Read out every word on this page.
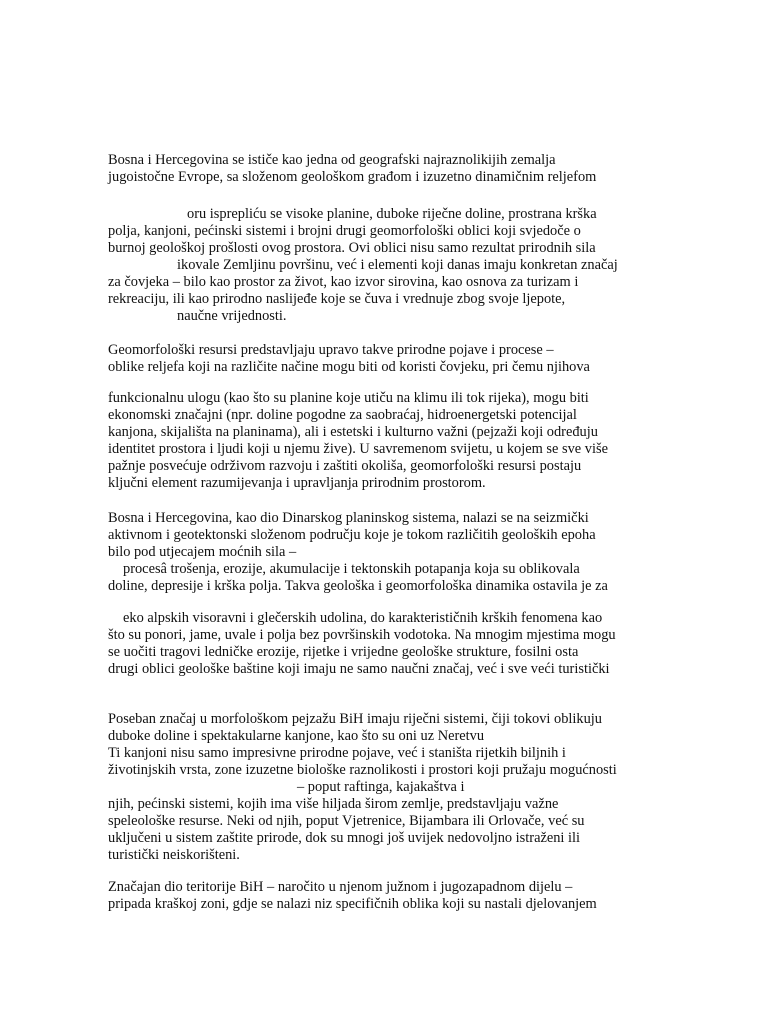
Bosna i Hercegovina se ističe kao jedna od geografski najraznolikijih zemalja

jugoistočne Evrope, sa složenom geološkom građom i izuzetno dinamičnim reljefom

oru isprepliću se visoke planine, duboke riječne doline, prostrana krška

polja, kanjoni, pećinski sistemi i brojni drugi geomorfološki oblici koji svjedoče o

burnoj geološkoj prošlosti ovog prostora. Ovi oblici nisu samo rezultat prirodnih sila

ikovale Zemljinu površinu, već i elementi koji danas imaju konkretan značaj

za čovjeka – bilo kao prostor za život, kao izvor sirovina, kao osnova za turizam i

rekreaciju, ili kao prirodno naslijeđe koje se čuva i vrednuje zbog svoje ljepote,

naučne vrijednosti.

Geomorfološki resursi predstavljaju upravo takve prirodne pojave i procese –

oblike reljefa koji na različite načine mogu biti od koristi čovjeku, pri čemu njihova

funkcionalnu ulogu (kao što su planine koje utiču na klimu ili tok rijeka), mogu biti

ekonomski značajni (npr. doline pogodne za saobraćaj, hidroenergetski potencijal

kanjona, skijališta na planinama), ali i estetski i kulturno važni (pejzaži koji određuju

identitet prostora i ljudi koji u njemu žive). U savremenom svijetu, u kojem se sve više

pažnje posvećuje održivom razvoju i zaštiti okoliša, geomorfološki resursi postaju

ključni element razumijevanja i upravljanja prirodnim prostorom.

Bosna i Hercegovina, kao dio Dinarskog planinskog sistema, nalazi se na seizmički

aktivnom i geotektonski složenom području koje je tokom različitih geoloških epoha

bilo pod utjecajem moćnih sila –

procesâ trošenja, erozije, akumulacije i tektonskih potapanja koja su oblikovala

doline, depresije i krška polja. Takva geološka i geomorfološka dinamika ostavila je za

eko alpskih visoravni i glečerskih udolina, do karakterističnih krških fenomena kao

što su ponori, jame, uvale i polja bez površinskih vodotoka. Na mnogim mjestima mogu

se uočiti tragovi ledničke erozije, rijetke i vrijedne geološke strukture, fosilni osta

drugi oblici geološke baštine koji imaju ne samo naučni značaj, već i sve veći turistički

Poseban značaj u morfološkom pejzažu BiH imaju riječni sistemi, čiji tokovi oblikuju

duboke doline i spektakularne kanjone, kao što su oni uz Neretvu

Ti kanjoni nisu samo impresivne prirodne pojave, već i staništa rijetkih biljnih i

životinjskih vrsta, zone izuzetne biološke raznolikosti i prostori koji pružaju mogućnosti

– poput raftinga, kajakaštva i

njih, pećinski sistemi, kojih ima više hiljada širom zemlje, predstavljaju važne

speleološke resurse. Neki od njih, poput Vjetrenice, Bijambara ili Orlovače, već su

uključeni u sistem zaštite prirode, dok su mnogi još uvijek nedovoljno istraženi ili

turistički neiskorišteni.

Značajan dio teritorije BiH – naročito u njenom južnom i jugozapadnom dijelu –

pripada kraškoj zoni, gdje se nalazi niz specifičnih oblika koji su nastali djelovanjem
